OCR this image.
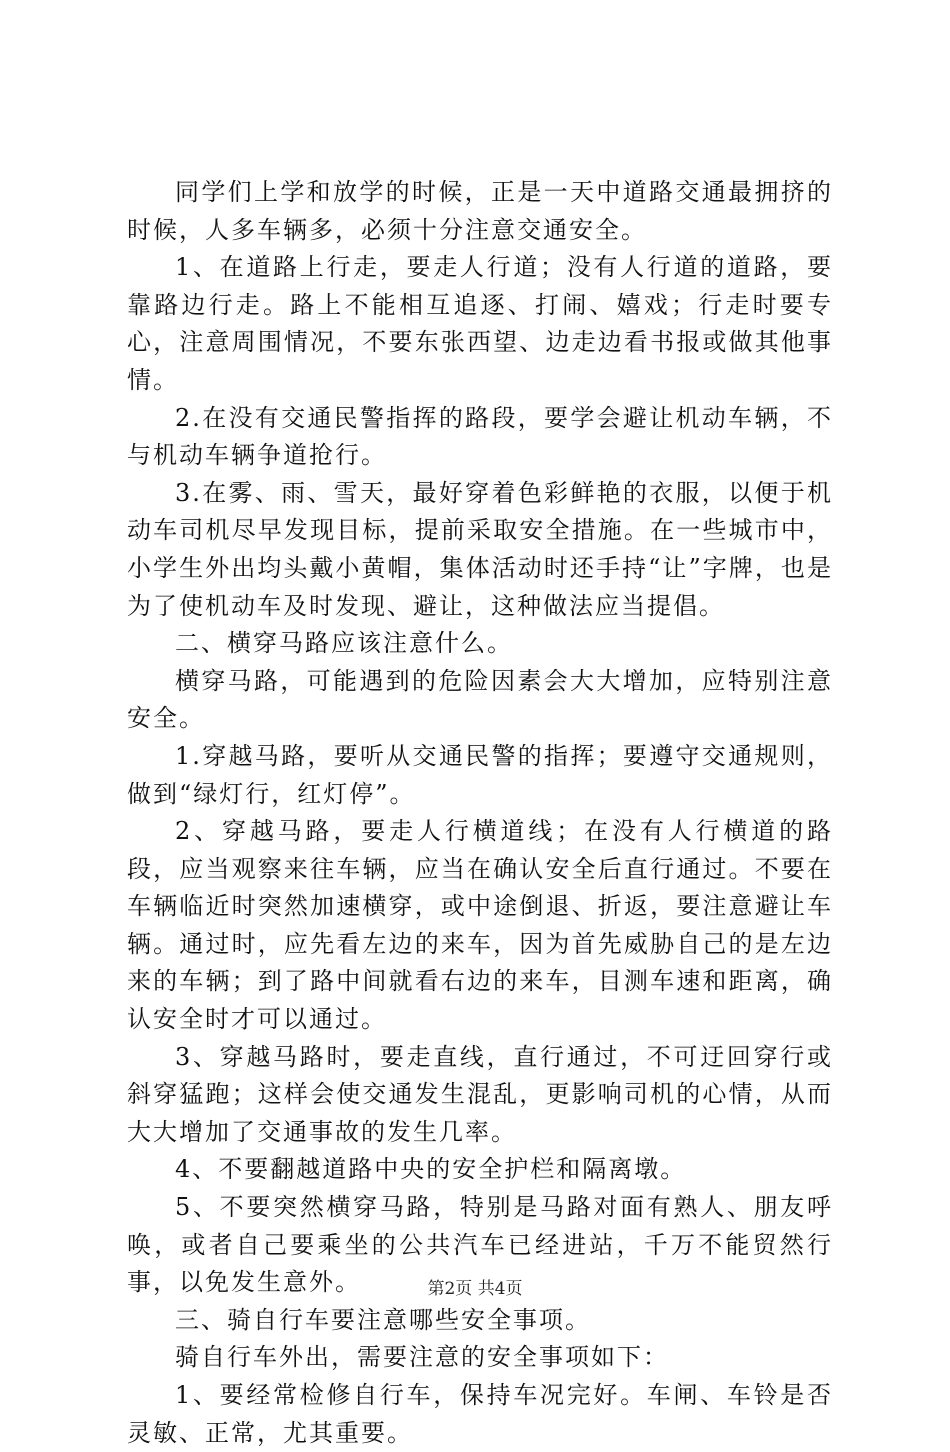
同学们上学和放学的时候，正是一天中道路交通最拥挤的时候，人多车辆多，必须十分注意交通安全。

1、在道路上行走，要走人行道；没有人行道的道路，要靠路边行走。路上不能相互追逐、打闹、嬉戏；行走时要专心，注意周围情况，不要东张西望、边走边看书报或做其他事情。

2.在没有交通民警指挥的路段，要学会避让机动车辆，不与机动车辆争道抢行。

3.在雾、雨、雪天，最好穿着色彩鲜艳的衣服，以便于机动车司机尽早发现目标，提前采取安全措施。在一些城市中，小学生外出均头戴小黄帽，集体活动时还手持“让”字牌，也是为了使机动车及时发现、避让，这种做法应当提倡。

二、横穿马路应该注意什么。

横穿马路，可能遇到的危险因素会大大增加，应特别注意安全。

1.穿越马路，要听从交通民警的指挥；要遵守交通规则，做到“绿灯行，红灯停”。

2、穿越马路，要走人行横道线；在没有人行横道的路段，应当观察来往车辆，应当在确认安全后直行通过。不要在车辆临近时突然加速横穿，或中途倒退、折返，要注意避让车辆。通过时，应先看左边的来车，因为首先威胁自己的是左边来的车辆；到了路中间就看右边的来车，目测车速和距离，确认安全时才可以通过。

3、穿越马路时，要走直线，直行通过，不可迂回穿行或斜穿猛跑；这样会使交通发生混乱，更影响司机的心情，从而大大增加了交通事故的发生几率。

4、不要翻越道路中央的安全护栏和隔离墩。

5、不要突然横穿马路，特别是马路对面有熟人、朋友呼唤，或者自己要乘坐的公共汽车已经进站，千万不能贸然行事，以免发生意外。

三、骑自行车要注意哪些安全事项。

骑自行车外出，需要注意的安全事项如下：

1、要经常检修自行车，保持车况完好。车闸、车铃是否灵敏、正常，尤其重要。

第2页 共4页
